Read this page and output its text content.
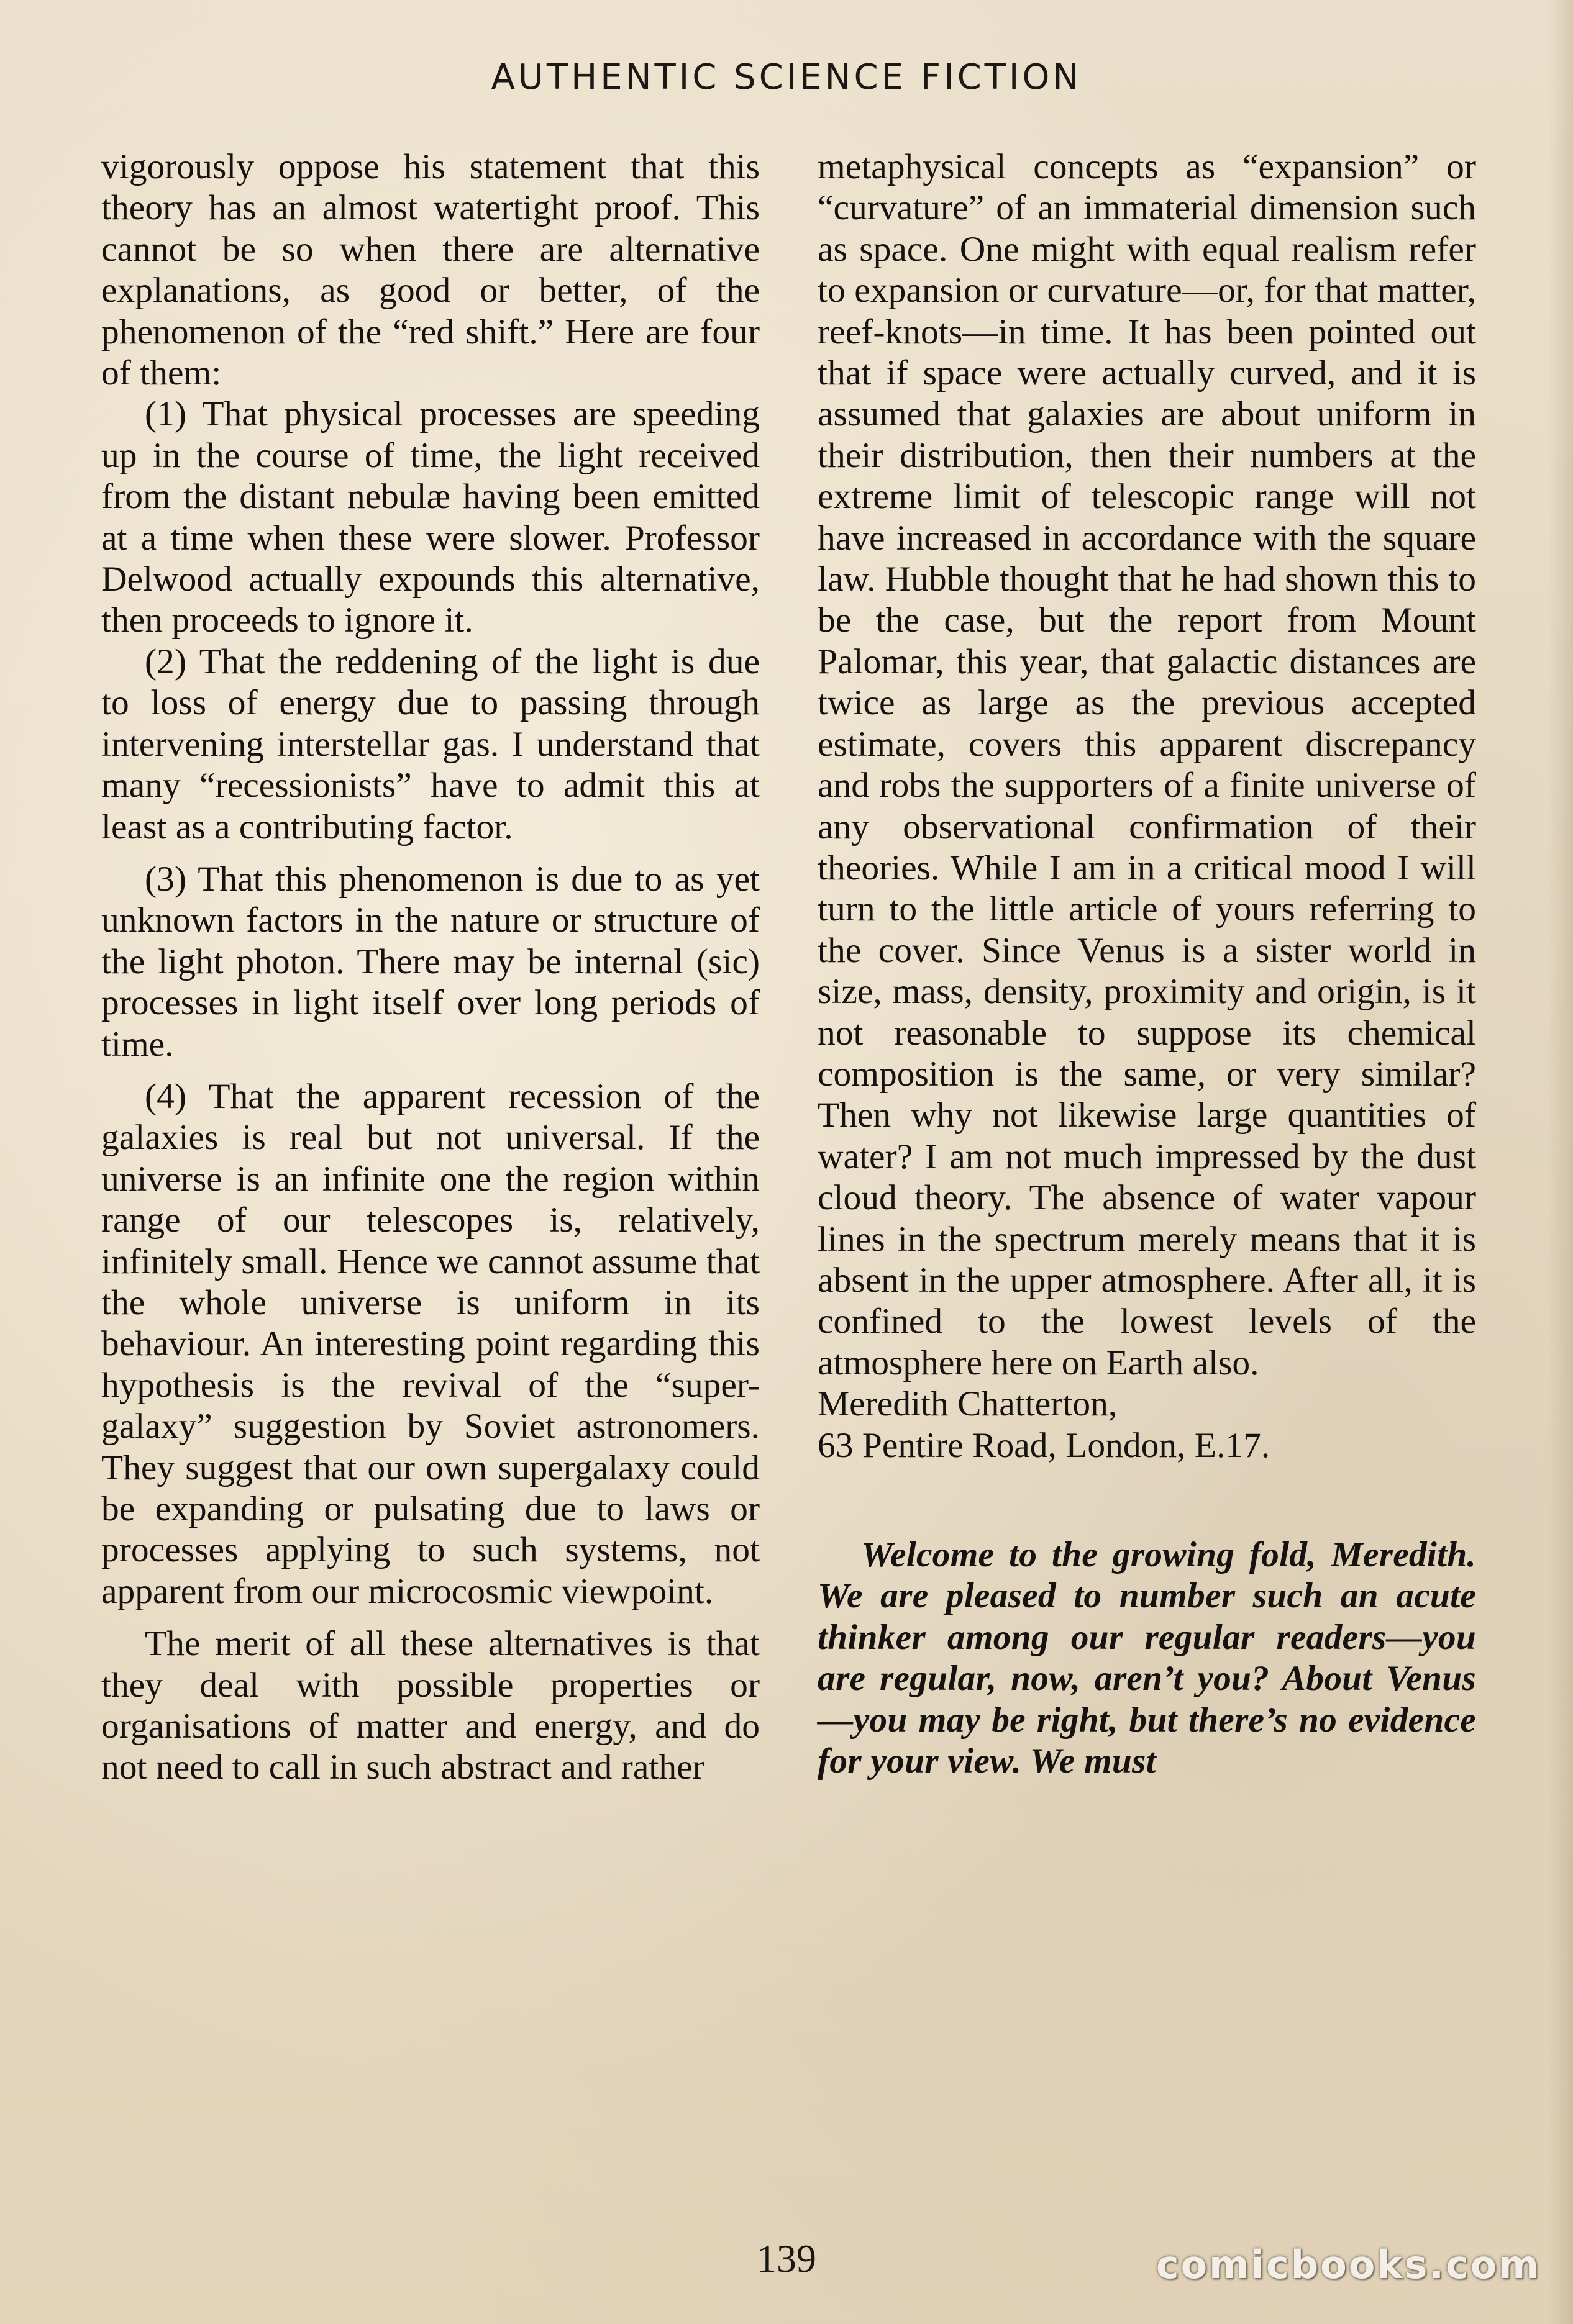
AUTHENTIC SCIENCE FICTION

vigorously oppose his statement that this theory has an almost watertight proof. This cannot be so when there are alternative explanations, as good or better, of the phenomenon of the “red shift.” Here are four of them:

(1) That physical processes are speeding up in the course of time, the light received from the distant nebulæ having been emitted at a time when these were slower. Professor Delwood actually expounds this alternative, then proceeds to ignore it.

(2) That the reddening of the light is due to loss of energy due to passing through intervening interstellar gas. I understand that many “recessionists” have to admit this at least as a contributing factor.

(3) That this phenomenon is due to as yet unknown factors in the nature or structure of the light photon. There may be internal (sic) processes in light itself over long periods of time.

(4) That the apparent recession of the galaxies is real but not universal. If the universe is an infinite one the region within range of our telescopes is, relatively, infinitely small. Hence we cannot assume that the whole universe is uniform in its behaviour. An interesting point regarding this hypothesis is the revival of the “super-galaxy” suggestion by Soviet astronomers. They suggest that our own supergalaxy could be expanding or pulsating due to laws or processes applying to such systems, not apparent from our microcosmic viewpoint.

The merit of all these alternatives is that they deal with possible properties or organisations of matter and energy, and do not need to call in such abstract and rather

metaphysical concepts as “expansion” or “curvature” of an immaterial dimension such as space. One might with equal realism refer to expansion or curvature—or, for that matter, reef-knots—in time. It has been pointed out that if space were actually curved, and it is assumed that galaxies are about uniform in their distribution, then their numbers at the extreme limit of telescopic range will not have increased in accordance with the square law. Hubble thought that he had shown this to be the case, but the report from Mount Palomar, this year, that galactic distances are twice as large as the previous accepted estimate, covers this apparent discrepancy and robs the supporters of a finite universe of any observational confirmation of their theories. While I am in a critical mood I will turn to the little article of yours referring to the cover. Since Venus is a sister world in size, mass, density, proximity and origin, is it not reasonable to suppose its chemical composition is the same, or very similar? Then why not likewise large quantities of water? I am not much impressed by the dust cloud theory. The absence of water vapour lines in the spectrum merely means that it is absent in the upper atmosphere. After all, it is confined to the lowest levels of the atmosphere here on Earth also.

Meredith Chatterton,

63 Pentire Road, London, E.17.

Welcome to the growing fold, Meredith. We are pleased to number such an acute thinker among our regular readers—you are regular, now, aren’t you? About Venus—you may be right, but there’s no evidence for your view. We must

139	comicbooks.com
